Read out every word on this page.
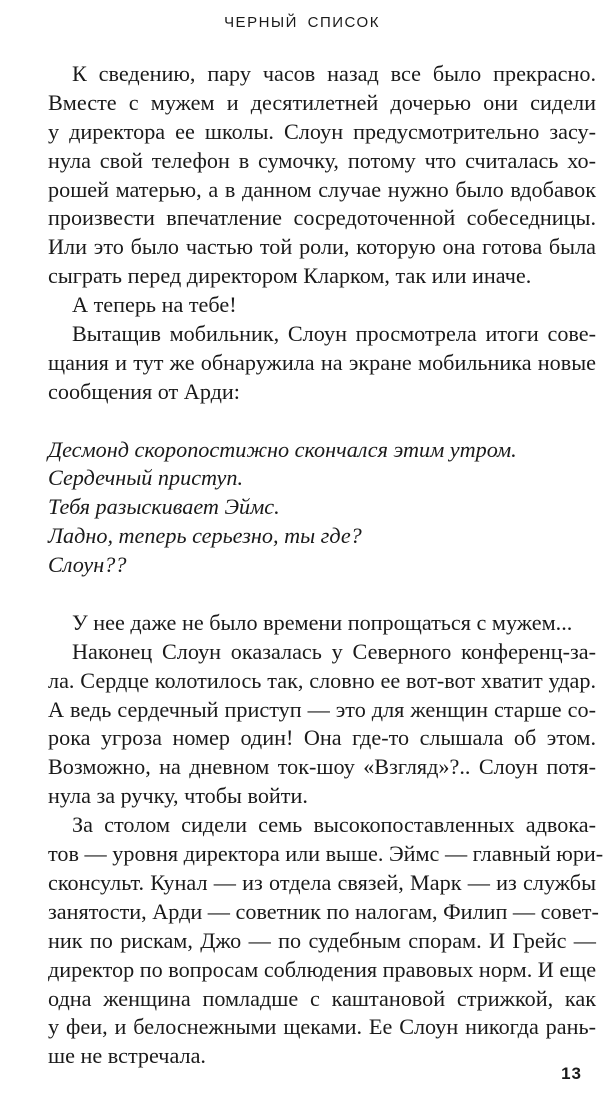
ЧЕРНЫЙ СПИСОК
К сведению, пару часов назад все было прекрасно.
Вместе с мужем и десятилетней дочерью они сидели
у директора ее школы. Слоун предусмотрительно засу-
нула свой телефон в сумочку, потому что считалась хо-
рошей матерью, а в данном случае нужно было вдобавок
произвести впечатление сосредоточенной собеседницы.
Или это было частью той роли, которую она готова была
сыграть перед директором Кларком, так или иначе.
А теперь на тебе!
Вытащив мобильник, Слоун просмотрела итоги сове-
щания и тут же обнаружила на экране мобильника новые
сообщения от Арди:
Десмонд скоропостижно скончался этим утром.
Сердечный приступ.
Тебя разыскивает Эймс.
Ладно, теперь серьезно, ты где?
Слоун??
У нее даже не было времени попрощаться с мужем...
Наконец Слоун оказалась у Северного конференц-за-
ла. Сердце колотилось так, словно ее вот-вот хватит удар.
А ведь сердечный приступ — это для женщин старше со-
рока угроза номер один! Она где-то слышала об этом.
Возможно, на дневном ток-шоу «Взгляд»?.. Слоун потя-
нула за ручку, чтобы войти.
За столом сидели семь высокопоставленных адвока-
тов — уровня директора или выше. Эймс — главный юри-
сконсульт. Кунал — из отдела связей, Марк — из службы
занятости, Арди — советник по налогам, Филип — совет-
ник по рискам, Джо — по судебным спорам. И Грейс —
директор по вопросам соблюдения правовых норм. И еще
одна женщина помладше с каштановой стрижкой, как
у феи, и белоснежными щеками. Ее Слоун никогда рань-
ше не встречала.
13
